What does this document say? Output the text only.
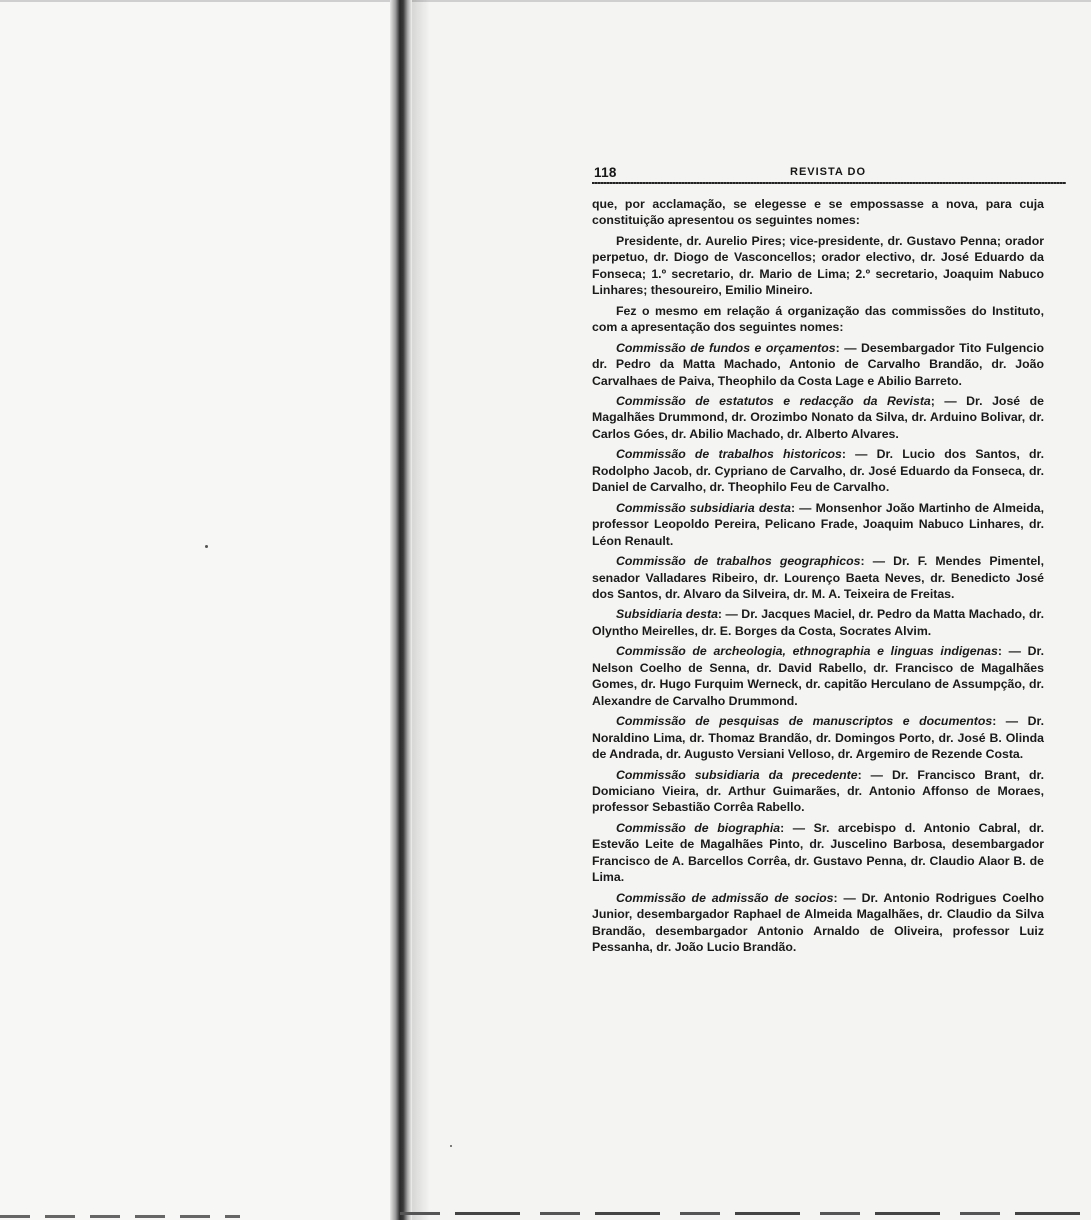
118	REVISTA DO

que, por acclamação, se elegesse e se empossasse a nova, para cuja constituição apresentou os seguintes nomes:

Presidente, dr. Aurelio Pires; vice-presidente, dr. Gustavo Penna; orador perpetuo, dr. Diogo de Vasconcellos; orador electivo, dr. José Eduardo da Fonseca; 1.º secretario, dr. Mario de Lima; 2.º secretario, Joaquim Nabuco Linhares; thesoureiro, Emilio Mineiro.

Fez o mesmo em relação á organização das commissões do Instituto, com a apresentação dos seguintes nomes:

Commissão de fundos e orçamentos: — Desembargador Tito Fulgencio dr. Pedro da Matta Machado, Antonio de Carvalho Brandão, dr. João Carvalhaes de Paiva, Theophilo da Costa Lage e Abilio Barreto.

Commissão de estatutos e redacção da Revista; — Dr. José de Magalhães Drummond, dr. Orozimbo Nonato da Silva, dr. Arduino Bolivar, dr. Carlos Góes, dr. Abilio Machado, dr. Alberto Alvares.

Commissão de trabalhos historicos: — Dr. Lucio dos Santos, dr. Rodolpho Jacob, dr. Cypriano de Carvalho, dr. José Eduardo da Fonseca, dr. Daniel de Carvalho, dr. Theophilo Feu de Carvalho.

Commissão subsidiaria desta: — Monsenhor João Martinho de Almeida, professor Leopoldo Pereira, Pelicano Frade, Joaquim Nabuco Linhares, dr. Léon Renault.

Commissão de trabalhos geographicos: — Dr. F. Mendes Pimentel, senador Valladares Ribeiro, dr. Lourenço Baeta Neves, dr. Benedicto José dos Santos, dr. Alvaro da Silveira, dr. M. A. Teixeira de Freitas.

Subsidiaria desta: — Dr. Jacques Maciel, dr. Pedro da Matta Machado, dr. Olyntho Meirelles, dr. E. Borges da Costa, Socrates Alvim.

Commissão de archeologia, ethnographia e linguas indigenas: — Dr. Nelson Coelho de Senna, dr. David Rabello, dr. Francisco de Magalhães Gomes, dr. Hugo Furquim Werneck, dr. capitão Herculano de Assumpção, dr. Alexandre de Carvalho Drummond.

Commissão de pesquisas de manuscriptos e documentos: — Dr. Noraldino Lima, dr. Thomaz Brandão, dr. Domingos Porto, dr. José B. Olinda de Andrada, dr. Augusto Versiani Velloso, dr. Argemiro de Rezende Costa.

Commissão subsidiaria da precedente: — Dr. Francisco Brant, dr. Domiciano Vieira, dr. Arthur Guimarães, dr. Antonio Affonso de Moraes, professor Sebastião Corrêa Rabello.

Commissão de biographia: — Sr. arcebispo d. Antonio Cabral, dr. Estevão Leite de Magalhães Pinto, dr. Juscelino Barbosa, desembargador Francisco de A. Barcellos Corrêa, dr. Gustavo Penna, dr. Claudio Alaor B. de Lima.

Commissão de admissão de socios: — Dr. Antonio Rodrigues Coelho Junior, desembargador Raphael de Almeida Magalhães, dr. Claudio da Silva Brandão, desembargador Antonio Arnaldo de Oliveira, professor Luiz Pessanha, dr. João Lucio Brandão.
